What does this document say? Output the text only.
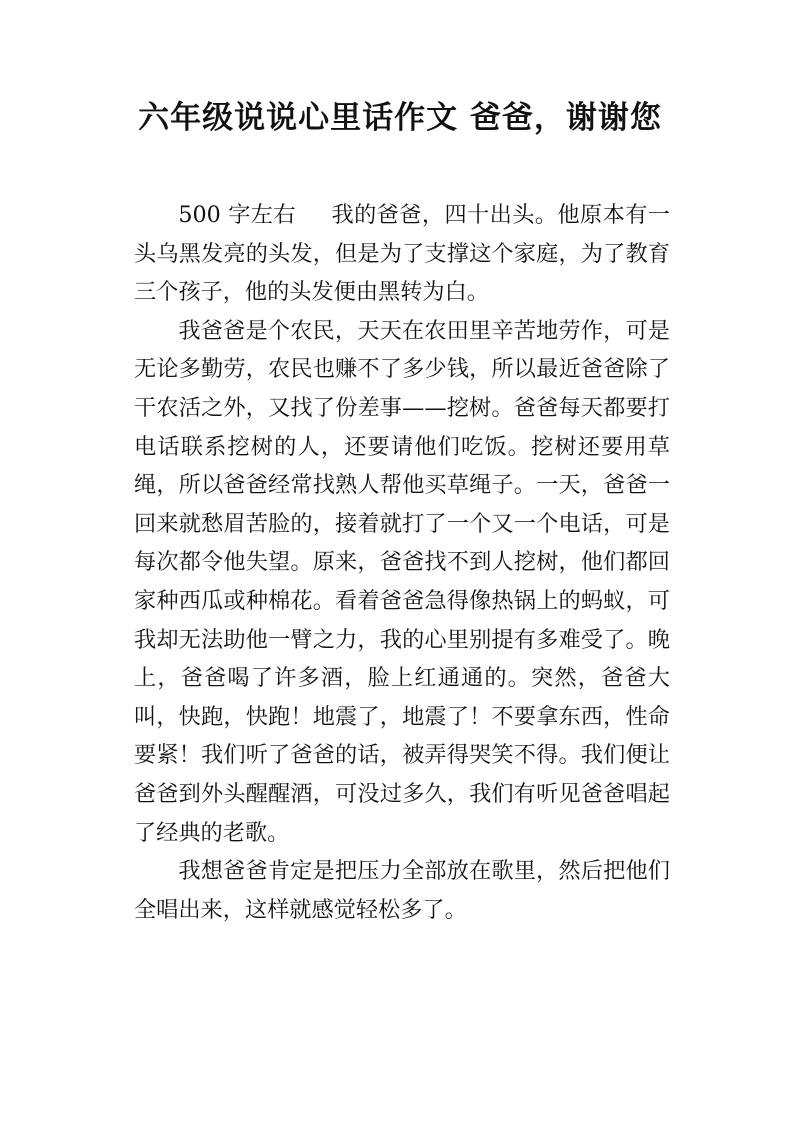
六年级说说心里话作文 爸爸，谢谢您

500 字左右 我的爸爸，四十出头。他原本有一头乌黑发亮的头发，但是为了支撑这个家庭，为了教育三个孩子，他的头发便由黑转为白。

我爸爸是个农民，天天在农田里辛苦地劳作，可是无论多勤劳，农民也赚不了多少钱，所以最近爸爸除了干农活之外，又找了份差事——挖树。爸爸每天都要打电话联系挖树的人，还要请他们吃饭。挖树还要用草绳，所以爸爸经常找熟人帮他买草绳子。一天，爸爸一回来就愁眉苦脸的，接着就打了一个又一个电话，可是每次都令他失望。原来，爸爸找不到人挖树，他们都回家种西瓜或种棉花。看着爸爸急得像热锅上的蚂蚁，可我却无法助他一臂之力，我的心里别提有多难受了。晚上，爸爸喝了许多酒，脸上红通通的。突然，爸爸大叫，快跑，快跑！地震了，地震了！不要拿东西，性命要紧！我们听了爸爸的话，被弄得哭笑不得。我们便让爸爸到外头醒醒酒，可没过多久，我们有听见爸爸唱起了经典的老歌。

我想爸爸肯定是把压力全部放在歌里，然后把他们全唱出来，这样就感觉轻松多了。
